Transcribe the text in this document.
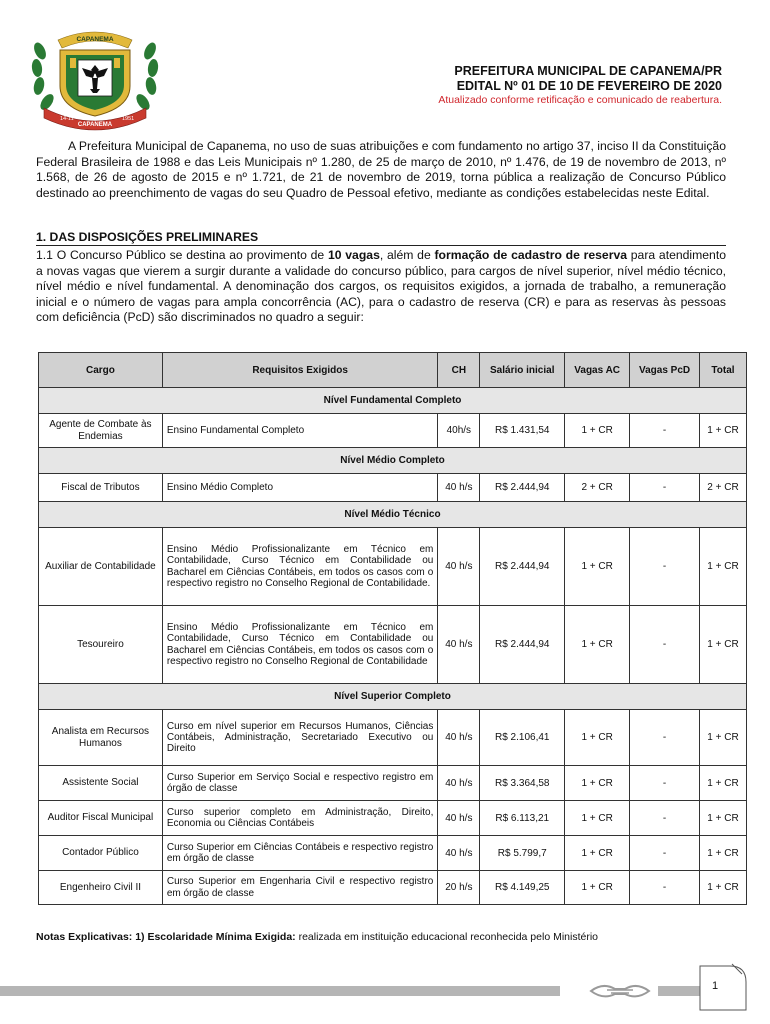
CAPANEMA
14-11
CAPANEMA
1951
PREFEITURA MUNICIPAL DE CAPANEMA/PR
EDITAL Nº 01 DE 10 DE FEVEREIRO DE 2020
Atualizado conforme retificação e comunicado de reabertura.

A Prefeitura Municipal de Capanema, no uso de suas atribuições e com fundamento no artigo 37, inciso II da Constituição Federal Brasileira de 1988 e das Leis Municipais nº 1.280, de 25 de março de 2010, nº 1.476, de 19 de novembro de 2013, nº 1.568, de 26 de agosto de 2015 e nº 1.721, de 21 de novembro de 2019, torna pública a realização de Concurso Público destinado ao preenchimento de vagas do seu Quadro de Pessoal efetivo, mediante as condições estabelecidas neste Edital.

1. DAS DISPOSIÇÕES PRELIMINARES

1.1 O Concurso Público se destina ao provimento de 10 vagas, além de formação de cadastro de reserva para atendimento a novas vagas que vierem a surgir durante a validade do concurso público, para cargos de nível superior, nível médio técnico, nível médio e nível fundamental. A denominação dos cargos, os requisitos exigidos, a jornada de trabalho, a remuneração inicial e o número de vagas para ampla concorrência (AC), para o cadastro de reserva (CR) e para as reservas às pessoas com deficiência (PcD) são discriminados no quadro a seguir:

Cargo	Requisitos Exigidos	CH	Salário inicial	Vagas AC	Vagas PcD	Total
Nível Fundamental Completo						
Agente de Combate às Endemias	Ensino Fundamental Completo	40h/s	R$ 1.431,54	1 + CR	-	1 + CR
Nível Médio Completo						
Fiscal de Tributos	Ensino Médio Completo	40 h/s	R$ 2.444,94	2 + CR	-	2 + CR
Nível Médio Técnico						
Auxiliar de Contabilidade	Ensino Médio Profissionalizante em Técnico em Contabilidade, Curso Técnico em Contabilidade ou Bacharel em Ciências Contábeis, em todos os casos com o respectivo registro no Conselho Regional de Contabilidade.	40 h/s	R$ 2.444,94	1 + CR	-	1 + CR
Tesoureiro	Ensino Médio Profissionalizante em Técnico em Contabilidade, Curso Técnico em Contabilidade ou Bacharel em Ciências Contábeis, em todos os casos com o respectivo registro no Conselho Regional de Contabilidade	40 h/s	R$ 2.444,94	1 + CR	-	1 + CR
Nível Superior Completo						
Analista em Recursos Humanos	Curso em nível superior em Recursos Humanos, Ciências Contábeis, Administração, Secretariado Executivo ou Direito	40 h/s	R$ 2.106,41	1 + CR	-	1 + CR
Assistente Social	Curso Superior em Serviço Social e respectivo registro em órgão de classe	40 h/s	R$ 3.364,58	1 + CR	-	1 + CR
Auditor Fiscal Municipal	Curso superior completo em Administração, Direito, Economia ou Ciências Contábeis	40 h/s	R$ 6.113,21	1 + CR	-	1 + CR
Contador Público	Curso Superior em Ciências Contábeis e respectivo registro em órgão de classe	40 h/s	R$ 5.799,7	1 + CR	-	1 + CR
Engenheiro Civil II	Curso Superior em Engenharia Civil e respectivo registro em órgão de classe	20 h/s	R$ 4.149,25	1 + CR	-	1 + CR
Notas Explicativas: 1) Escolaridade Mínima Exigida: realizada em instituição educacional reconhecida pelo Ministério
1
